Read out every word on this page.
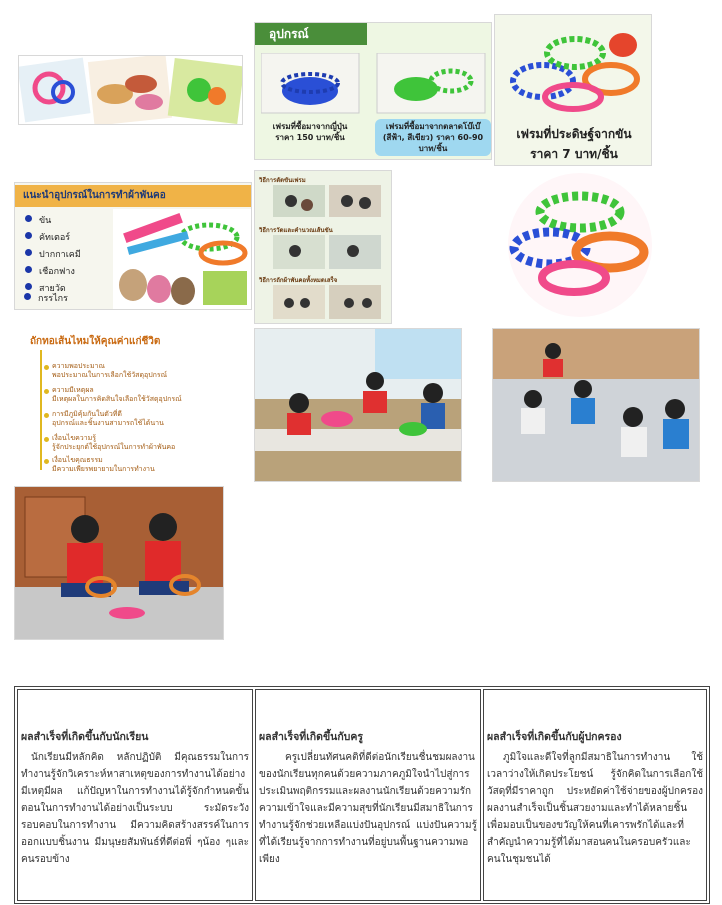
อุปกรณ์
เฟรมที่ซื้อมาจากญี่ปุ่น
ราคา 150 บาท/ชิ้น
เฟรมที่ซื้อมาจากตลาดโบ๊เบ๊
(สีฟ้า, สีเขียว) ราคา 60-90 บาท/ชิ้น
เฟรมที่ประดิษฐ์จากขัน
ราคา 7 บาท/ชิ้น
แนะนำอุปกรณ์ในการทำผ้าพันคอ
ขัน
คัทเตอร์
ปากกาเคมี
เชือกฟาง
สายวัด
กรรไกร
วิธีการตัดขันเฟรม
วิธีการวัดและคำนวณเส้นขัน
วิธีการถักผ้าพันคอทั้งหมดเสร็จ
ถักทอเส้นไหมให้คุณค่าแก่ชีวิต
ความพอประมาณ
พอประมาณในการเลือกใช้วัสดุอุปกรณ์
ความมีเหตุผล
มีเหตุผลในการคิดสินใจเลือกใช้วัสดุอุปกรณ์
การมีภูมิคุ้มกันในตัวที่ดี
อุปกรณ์และชิ้นงานสามารถใช้ได้นาน
เงื่อนไขความรู้
รู้จักประยุกต์ใช้อุปกรณ์ในการทำผ้าพันคอ
เงื่อนไขคุณธรรม
มีความเพียรพยายามในการทำงาน
ผลสำเร็จที่เกิดขึ้นกับนักเรียน

นักเรียนมีหลักคิด หลักปฏิบัติ มีคุณธรรมในการทำงานรู้จักวิเคราะห์หาสาเหตุของการทำงานได้อย่างมีเหตุมีผล แก้ปัญหาในการทำงานได้รู้จักกำหนดขั้นตอนในการทำงานได้อย่างเป็นระบบ ระมัดระวัง รอบคอบในการทำงาน มีความคิดสร้างสรรค์ในการออกแบบชิ้นงาน มีมนุษยสัมพันธ์ที่ดีต่อพี่ ๆน้อง ๆและคนรอบข้าง

ผลสำเร็จที่เกิดขึ้นกับครู

ครูเปลี่ยนทัศนคติที่ดีต่อนักเรียนชื่นชมผลงานของนักเรียนทุกคนด้วยความภาคภูมิใจนำไปสู่การประเมินพฤติกรรมและผลงานนักเรียนด้วยความรัก ความเข้าใจและมีความสุขที่นักเรียนมีสมาธิในการทำงานรู้จักช่วยเหลือแบ่งปันอุปกรณ์ แบ่งปันความรู้ที่ได้เรียนรู้จากการทำงานที่อยู่บนพื้นฐานความพอเพียง

ผลสำเร็จที่เกิดขึ้นกับผู้ปกครอง

ภูมิใจและดีใจที่ลูกมีสมาธิในการทำงาน ใช้เวลาว่างให้เกิดประโยชน์ รู้จักคิดในการเลือกใช้วัสดุที่มีราคาถูก ประหยัดค่าใช้จ่ายของผู้ปกครอง ผลงานสำเร็จเป็นชิ้นสวยงามและทำได้หลายชิ้นเพื่อมอบเป็นของขวัญให้คนที่เคารพรักได้และที่สำคัญนำความรู้ที่ได้มาสอนคนในครอบครัวและคนในชุมชนได้
